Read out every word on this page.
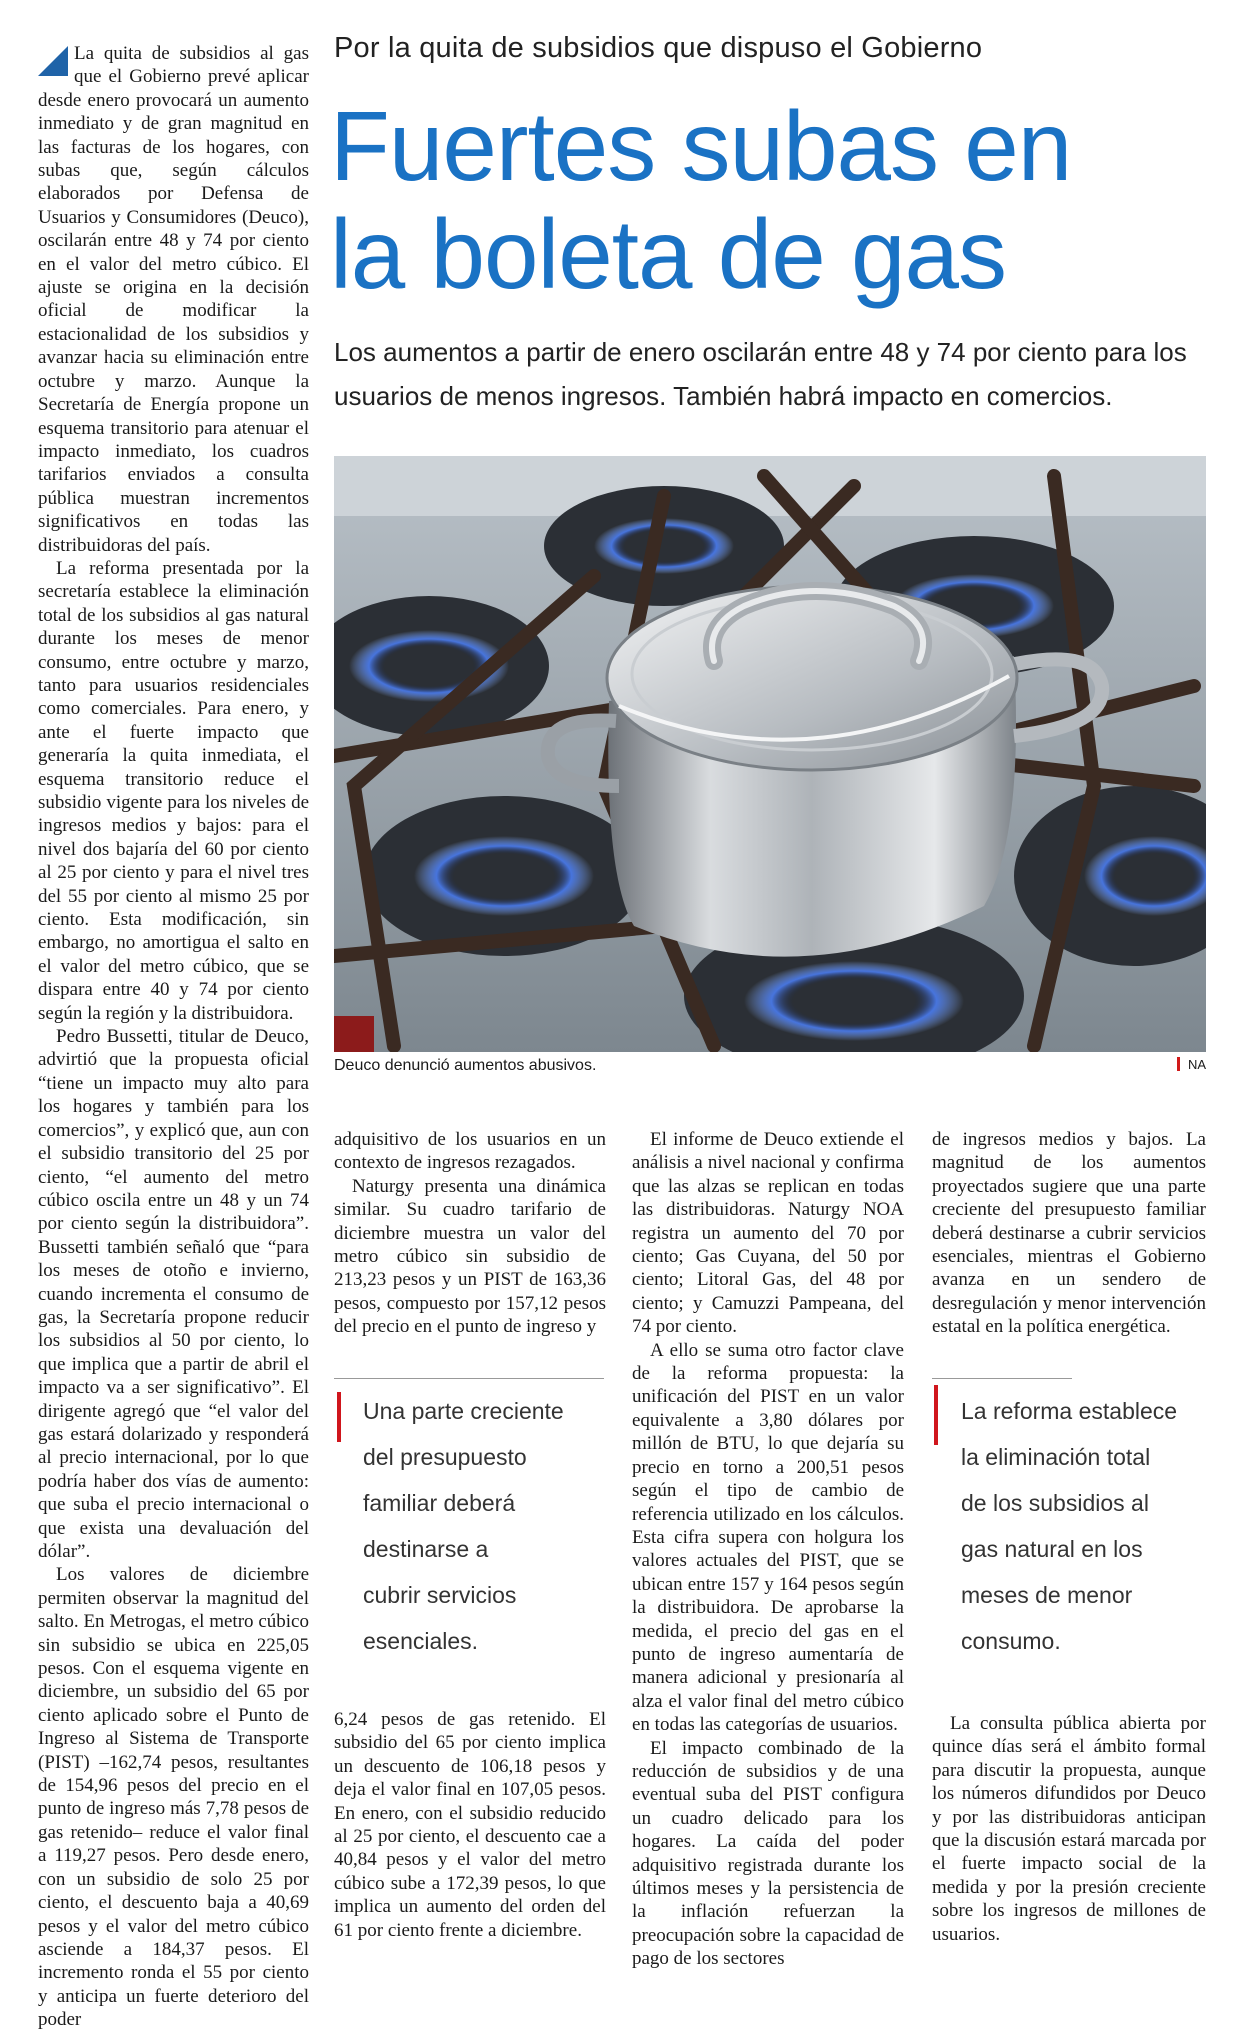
La quita de subsidios al gas que el Gobierno prevé aplicar desde enero provocará un aumento inmediato y de gran magnitud en las facturas de los hogares, con subas que, según cálculos elaborados por Defensa de Usuarios y Consumidores (Deuco), oscilarán entre 48 y 74 por ciento en el valor del metro cúbico. El ajuste se origina en la decisión oficial de modificar la estacionalidad de los subsidios y avanzar hacia su eliminación entre octubre y marzo. Aunque la Secretaría de Energía propone un esquema transitorio para atenuar el impacto inmediato, los cuadros tarifarios enviados a consulta pública muestran incrementos significativos en todas las distribuidoras del país.

La reforma presentada por la secretaría establece la eliminación total de los subsidios al gas natural durante los meses de menor consumo, entre octubre y marzo, tanto para usuarios residenciales como comerciales. Para enero, y ante el fuerte impacto que generaría la quita inmediata, el esquema transitorio reduce el subsidio vigente para los niveles de ingresos medios y bajos: para el nivel dos bajaría del 60 por ciento al 25 por ciento y para el nivel tres del 55 por ciento al mismo 25 por ciento. Esta modificación, sin embargo, no amortigua el salto en el valor del metro cúbico, que se dispara entre 40 y 74 por ciento según la región y la distribuidora.

Pedro Bussetti, titular de Deuco, advirtió que la propuesta oficial “tiene un impacto muy alto para los hogares y también para los comercios”, y explicó que, aun con el subsidio transitorio del 25 por ciento, “el aumento del metro cúbico oscila entre un 48 y un 74 por ciento según la distribuidora”. Bussetti también señaló que “para los meses de otoño e invierno, cuando incrementa el consumo de gas, la Secretaría propone reducir los subsidios al 50 por ciento, lo que implica que a partir de abril el impacto va a ser significativo”. El dirigente agregó que “el valor del gas estará dolarizado y responderá al precio internacional, por lo que podría haber dos vías de aumento: que suba el precio internacional o que exista una devaluación del dólar”.

Los valores de diciembre permiten observar la magnitud del salto. En Metrogas, el metro cúbico sin subsidio se ubica en 225,05 pesos. Con el esquema vigente en diciembre, un subsidio del 65 por ciento aplicado sobre el Punto de Ingreso al Sistema de Transporte (PIST) –162,74 pesos, resultantes de 154,96 pesos del precio en el punto de ingreso más 7,78 pesos de gas retenido– reduce el valor final a 119,27 pesos. Pero desde enero, con un subsidio de solo 25 por ciento, el descuento baja a 40,69 pesos y el valor del metro cúbico asciende a 184,37 pesos. El incremento ronda el 55 por ciento y anticipa un fuerte deterioro del poder

Por la quita de subsidios que dispuso el Gobierno
Fuertes subas en
la boleta de gas
Los aumentos a partir de enero oscilarán entre 48 y 74 por ciento para los usuarios de menos ingresos. También habrá impacto en comercios.
Deuco denunció aumentos abusivos.	NA

adquisitivo de los usuarios en un contexto de ingresos rezagados.

Naturgy presenta una dinámica similar. Su cuadro tarifario de diciembre muestra un valor del metro cúbico sin subsidio de 213,23 pesos y un PIST de 163,36 pesos, compuesto por 157,12 pesos del precio en el punto de ingreso y

Una parte creciente
del presupuesto
familiar deberá
destinarse a
cubrir servicios
esenciales.

6,24 pesos de gas retenido. El subsidio del 65 por ciento implica un descuento de 106,18 pesos y deja el valor final en 107,05 pesos. En enero, con el subsidio reducido al 25 por ciento, el descuento cae a 40,84 pesos y el valor del metro cúbico sube a 172,39 pesos, lo que implica un aumento del orden del 61 por ciento frente a diciembre.

El informe de Deuco extiende el análisis a nivel nacional y confirma que las alzas se replican en todas las distribuidoras. Naturgy NOA registra un aumento del 70 por ciento; Gas Cuyana, del 50 por ciento; Litoral Gas, del 48 por ciento; y Camuzzi Pampeana, del 74 por ciento.

A ello se suma otro factor clave de la reforma propuesta: la unificación del PIST en un valor equivalente a 3,80 dólares por millón de BTU, lo que dejaría su precio en torno a 200,51 pesos según el tipo de cambio de referencia utilizado en los cálculos. Esta cifra supera con holgura los valores actuales del PIST, que se ubican entre 157 y 164 pesos según la distribuidora. De aprobarse la medida, el precio del gas en el punto de ingreso aumentaría de manera adicional y presionaría al alza el valor final del metro cúbico en todas las categorías de usuarios.

El impacto combinado de la reducción de subsidios y de una eventual suba del PIST configura un cuadro delicado para los hogares. La caída del poder adquisitivo registrada durante los últimos meses y la persistencia de la inflación refuerzan la preocupación sobre la capacidad de pago de los sectores

de ingresos medios y bajos. La magnitud de los aumentos proyectados sugiere que una parte creciente del presupuesto familiar deberá destinarse a cubrir servicios esenciales, mientras el Gobierno avanza en un sendero de desregulación y menor intervención estatal en la política energética.

La reforma establece
la eliminación total
de los subsidios al
gas natural en los
meses de menor
consumo.

La consulta pública abierta por quince días será el ámbito formal para discutir la propuesta, aunque los números difundidos por Deuco y por las distribuidoras anticipan que la discusión estará marcada por el fuerte impacto social de la medida y por la presión creciente sobre los ingresos de millones de usuarios.
